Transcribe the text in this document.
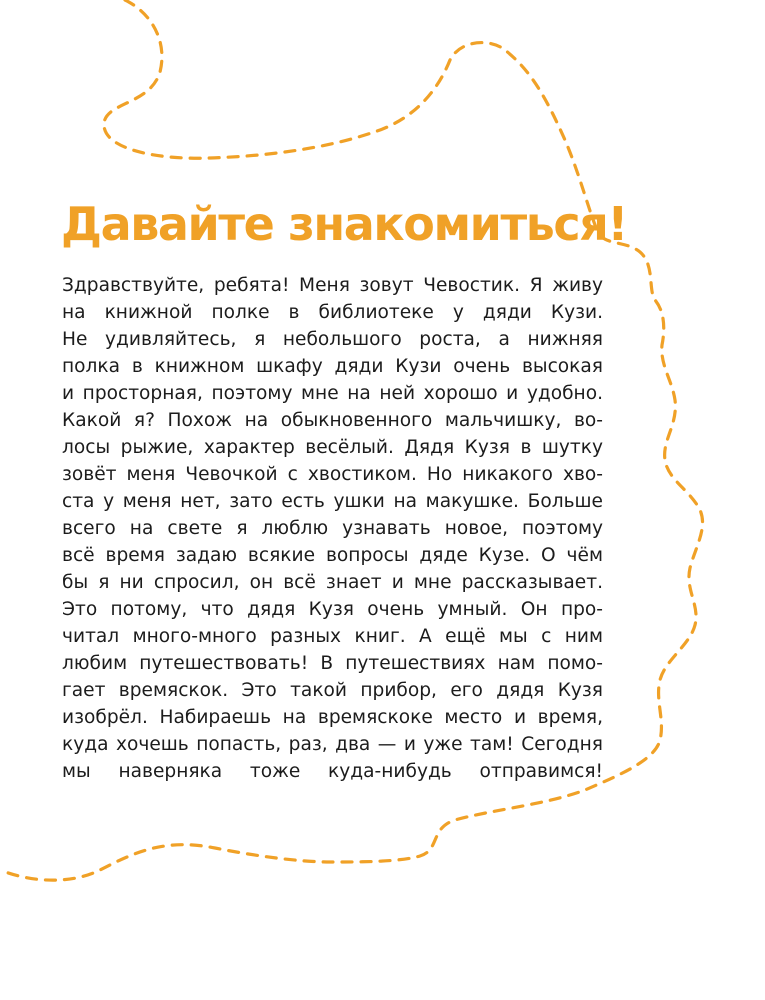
Давайте знакомиться!
Здравствуйте, ребята! Меня зовут Чевостик. Я живу
на книжной полке в библиотеке у дяди Кузи.
Не удивляйтесь, я небольшого роста, а нижняя
полка в книжном шкафу дяди Кузи очень высокая
и просторная, поэтому мне на ней хорошо и удобно.
Какой я? Похож на обыкновенного мальчишку, во-
лосы рыжие, характер весёлый. Дядя Кузя в шутку
зовёт меня Чевочкой с хвостиком. Но никакого хво-
ста у меня нет, зато есть ушки на макушке. Больше
всего на свете я люблю узнавать новое, поэтому
всё время задаю всякие вопросы дяде Кузе. О чём
бы я ни спросил, он всё знает и мне рассказывает.
Это потому, что дядя Кузя очень умный. Он про-
читал много-много разных книг. А ещё мы с ним
любим путешествовать! В путешествиях нам помо-
гает времяскок. Это такой прибор, его дядя Кузя
изобрёл. Набираешь на времяскоке место и время,
куда хочешь попасть, раз, два — и уже там! Сегодня
мы наверняка тоже куда-нибудь отправимся!
